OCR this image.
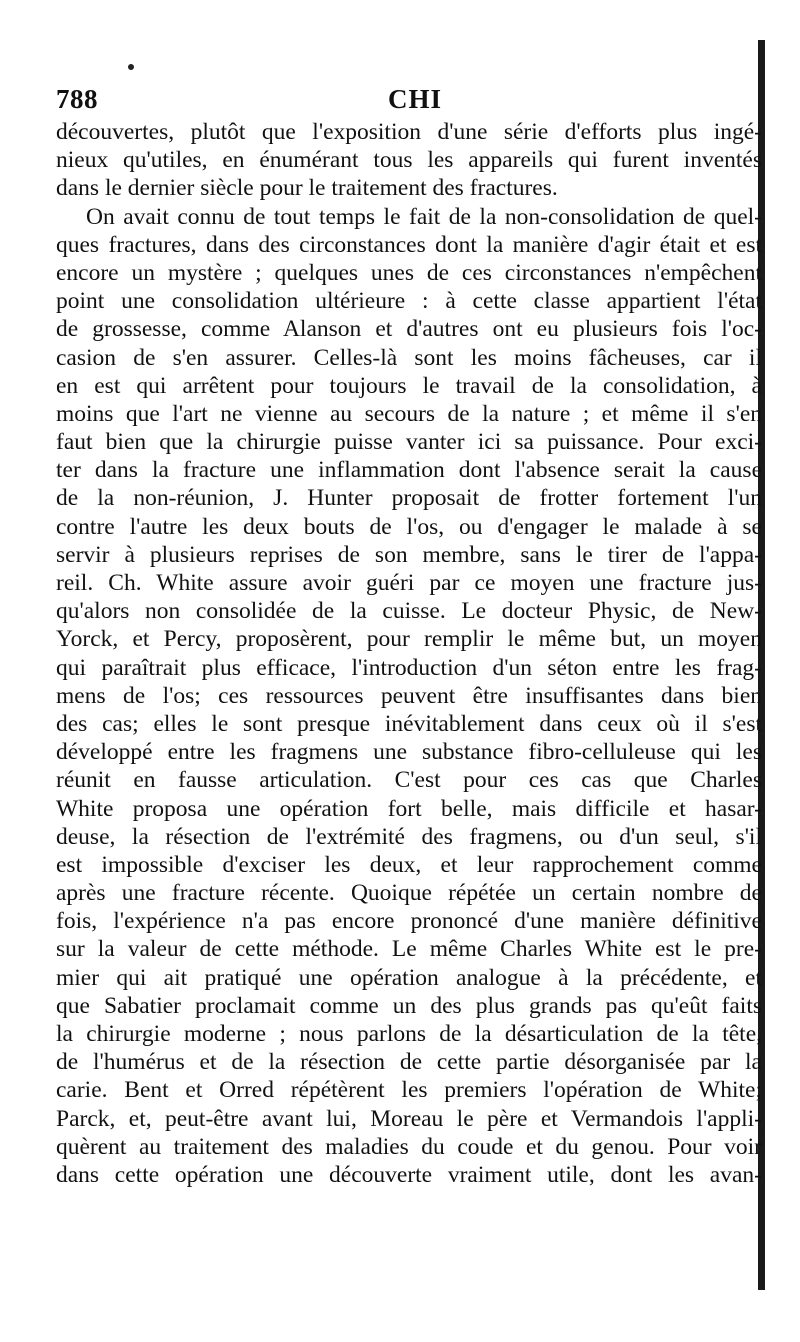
788	CHI
découvertes, plutôt que l'exposition d'une série d'efforts plus ingé-
nieux qu'utiles, en énumérant tous les appareils qui furent inventés
dans le dernier siècle pour le traitement des fractures.
On avait connu de tout temps le fait de la non-consolidation de quel-
ques fractures, dans des circonstances dont la manière d'agir était et est
encore un mystère ; quelques unes de ces circonstances n'empêchent
point une consolidation ultérieure : à cette classe appartient l'état
de grossesse, comme Alanson et d'autres ont eu plusieurs fois l'oc-
casion de s'en assurer. Celles-là sont les moins fâcheuses, car il
en est qui arrêtent pour toujours le travail de la consolidation, à
moins que l'art ne vienne au secours de la nature ; et même il s'en
faut bien que la chirurgie puisse vanter ici sa puissance. Pour exci-
ter dans la fracture une inflammation dont l'absence serait la cause
de la non-réunion, J. Hunter proposait de frotter fortement l'un
contre l'autre les deux bouts de l'os, ou d'engager le malade à se
servir à plusieurs reprises de son membre, sans le tirer de l'appa-
reil. Ch. White assure avoir guéri par ce moyen une fracture jus-
qu'alors non consolidée de la cuisse. Le docteur Physic, de New-
Yorck, et Percy, proposèrent, pour remplir le même but, un moyen
qui paraîtrait plus efficace, l'introduction d'un séton entre les frag-
mens de l'os; ces ressources peuvent être insuffisantes dans bien
des cas; elles le sont presque inévitablement dans ceux où il s'est
développé entre les fragmens une substance fibro-celluleuse qui les
réunit en fausse articulation. C'est pour ces cas que Charles
White proposa une opération fort belle, mais difficile et hasar-
deuse, la résection de l'extrémité des fragmens, ou d'un seul, s'il
est impossible d'exciser les deux, et leur rapprochement comme
après une fracture récente. Quoique répétée un certain nombre de
fois, l'expérience n'a pas encore prononcé d'une manière définitive
sur la valeur de cette méthode. Le même Charles White est le pre-
mier qui ait pratiqué une opération analogue à la précédente, et
que Sabatier proclamait comme un des plus grands pas qu'eût faits
la chirurgie moderne ; nous parlons de la désarticulation de la tête,
de l'humérus et de la résection de cette partie désorganisée par la
carie. Bent et Orred répétèrent les premiers l'opération de White;
Parck, et, peut-être avant lui, Moreau le père et Vermandois l'appli-
quèrent au traitement des maladies du coude et du genou. Pour voir
dans cette opération une découverte vraiment utile, dont les avan-
